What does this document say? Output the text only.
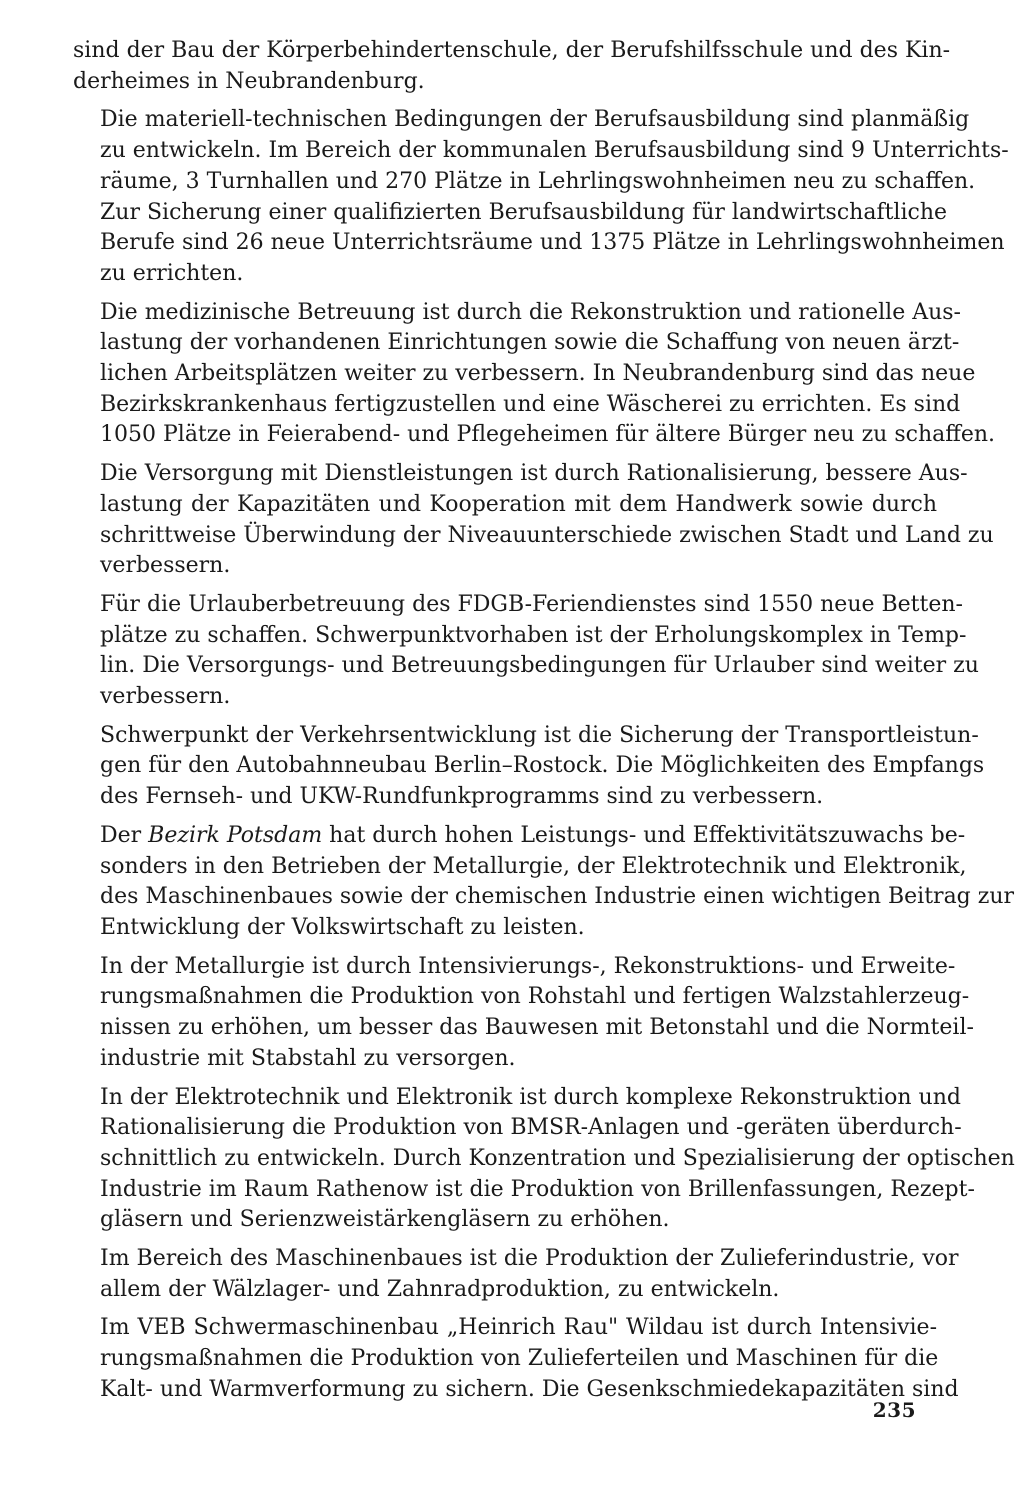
sind der Bau der Körperbehindertenschule, der Berufshilfsschule und des Kin-
derheimes in Neubrandenburg.

Die materiell-technischen Bedingungen der Berufsausbildung sind planmäßig
zu entwickeln. Im Bereich der kommunalen Berufsausbildung sind 9 Unterrichts-
räume, 3 Turnhallen und 270 Plätze in Lehrlingswohnheimen neu zu schaffen.
Zur Sicherung einer qualifizierten Berufsausbildung für landwirtschaftliche
Berufe sind 26 neue Unterrichtsräume und 1375 Plätze in Lehrlingswohnheimen
zu errichten.

Die medizinische Betreuung ist durch die Rekonstruktion und rationelle Aus-
lastung der vorhandenen Einrichtungen sowie die Schaffung von neuen ärzt-
lichen Arbeitsplätzen weiter zu verbessern. In Neubrandenburg sind das neue
Bezirkskrankenhaus fertigzustellen und eine Wäscherei zu errichten. Es sind
1050 Plätze in Feierabend- und Pflegeheimen für ältere Bürger neu zu schaffen.

Die Versorgung mit Dienstleistungen ist durch Rationalisierung, bessere Aus-
lastung der Kapazitäten und Kooperation mit dem Handwerk sowie durch
schrittweise Überwindung der Niveauunterschiede zwischen Stadt und Land zu
verbessern.

Für die Urlauberbetreuung des FDGB-Feriendienstes sind 1550 neue Betten-
plätze zu schaffen. Schwerpunktvorhaben ist der Erholungskomplex in Temp-
lin. Die Versorgungs- und Betreuungsbedingungen für Urlauber sind weiter zu
verbessern.

Schwerpunkt der Verkehrsentwicklung ist die Sicherung der Transportleistun-
gen für den Autobahnneubau Berlin–Rostock. Die Möglichkeiten des Empfangs
des Fernseh- und UKW-Rundfunkprogramms sind zu verbessern.

Der Bezirk Potsdam hat durch hohen Leistungs- und Effektivitätszuwachs be-
sonders in den Betrieben der Metallurgie, der Elektrotechnik und Elektronik,
des Maschinenbaues sowie der chemischen Industrie einen wichtigen Beitrag zur
Entwicklung der Volkswirtschaft zu leisten.

In der Metallurgie ist durch Intensivierungs-, Rekonstruktions- und Erweite-
rungsmaßnahmen die Produktion von Rohstahl und fertigen Walzstahlerzeug-
nissen zu erhöhen, um besser das Bauwesen mit Betonstahl und die Normteil-
industrie mit Stabstahl zu versorgen.

In der Elektrotechnik und Elektronik ist durch komplexe Rekonstruktion und
Rationalisierung die Produktion von BMSR-Anlagen und -geräten überdurch-
schnittlich zu entwickeln. Durch Konzentration und Spezialisierung der optischen
Industrie im Raum Rathenow ist die Produktion von Brillenfassungen, Rezept-
gläsern und Serienzweistärkengläsern zu erhöhen.

Im Bereich des Maschinenbaues ist die Produktion der Zulieferindustrie, vor
allem der Wälzlager- und Zahnradproduktion, zu entwickeln.

Im VEB Schwermaschinenbau „Heinrich Rau" Wildau ist durch Intensivie-
rungsmaßnahmen die Produktion von Zulieferteilen und Maschinen für die
Kalt- und Warmverformung zu sichern. Die Gesenkschmiedekapazitäten sind

235
